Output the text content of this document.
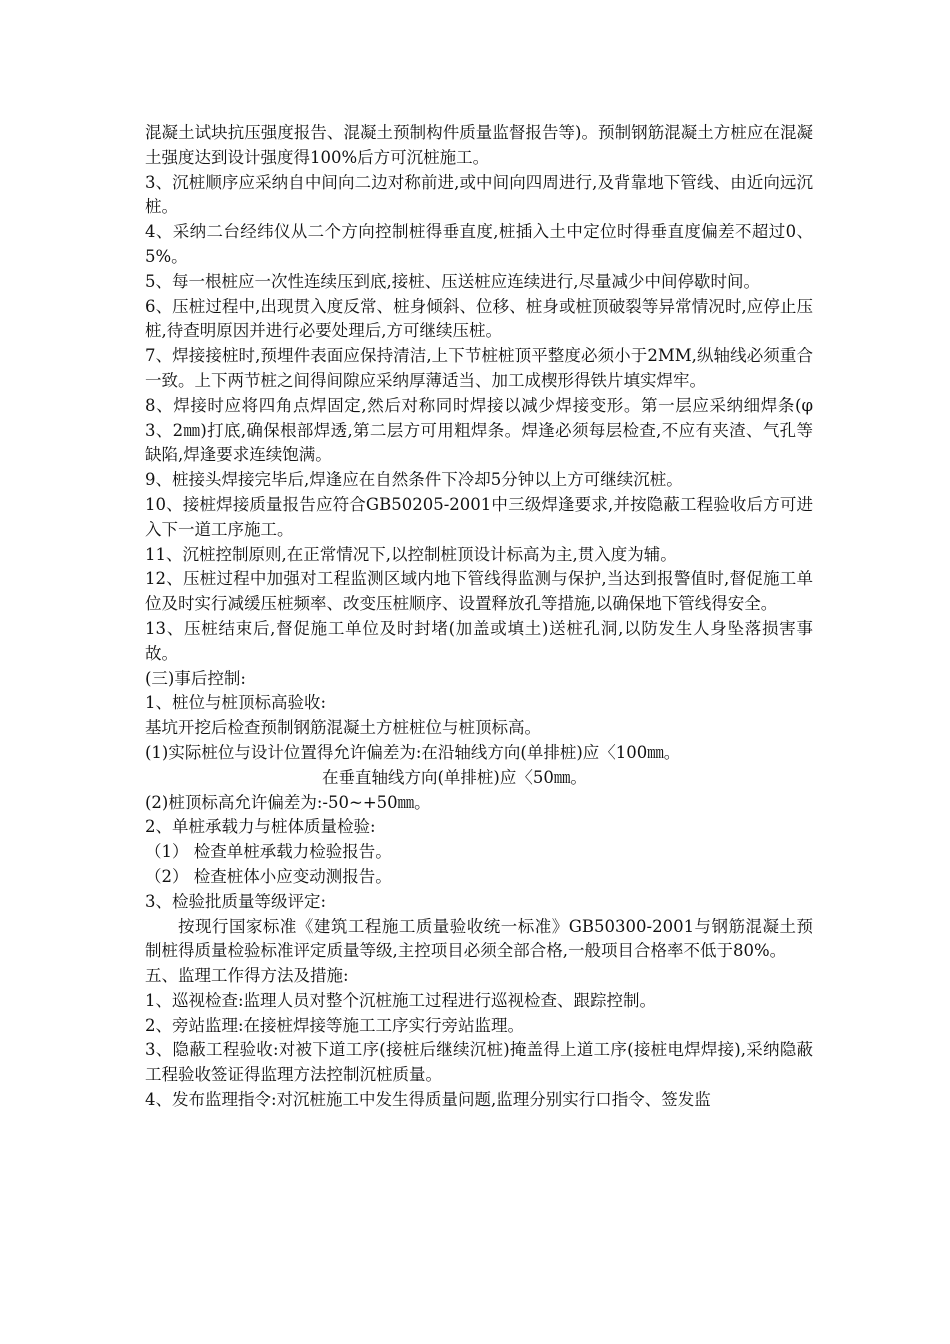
混凝土试块抗压强度报告、混凝土预制构件质量监督报告等)。预制钢筋混凝土方桩应在混凝土强度达到设计强度得100%后方可沉桩施工。

3、沉桩顺序应采纳自中间向二边对称前进,或中间向四周进行,及背靠地下管线、由近向远沉桩。

4、采纳二台经纬仪从二个方向控制桩得垂直度,桩插入土中定位时得垂直度偏差不超过0、5%。

5、每一根桩应一次性连续压到底,接桩、压送桩应连续进行,尽量减少中间停歇时间。

6、压桩过程中,出现贯入度反常、桩身倾斜、位移、桩身或桩顶破裂等异常情况时,应停止压桩,待查明原因并进行必要处理后,方可继续压桩。

7、焊接接桩时,预埋件表面应保持清洁,上下节桩桩顶平整度必须小于2MM,纵轴线必须重合一致。上下两节桩之间得间隙应采纳厚薄适当、加工成楔形得铁片填实焊牢。

8、焊接时应将四角点焊固定,然后对称同时焊接以减少焊接变形。第一层应采纳细焊条(φ3、2㎜)打底,确保根部焊透,第二层方可用粗焊条。焊逢必须每层检查,不应有夹渣、气孔等缺陷,焊逢要求连续饱满。

9、桩接头焊接完毕后,焊逢应在自然条件下冷却5分钟以上方可继续沉桩。

10、接桩焊接质量报告应符合GB50205-2001中三级焊逢要求,并按隐蔽工程验收后方可进入下一道工序施工。

11、沉桩控制原则,在正常情况下,以控制桩顶设计标高为主,贯入度为辅。

12、压桩过程中加强对工程监测区域内地下管线得监测与保护,当达到报警值时,督促施工单位及时实行减缓压桩频率、改变压桩顺序、设置释放孔等措施,以确保地下管线得安全。

13、压桩结束后,督促施工单位及时封堵(加盖或填土)送桩孔洞,以防发生人身坠落损害事故。

(三)事后控制:

1、桩位与桩顶标高验收:

基坑开挖后检查预制钢筋混凝土方桩桩位与桩顶标高。

(1)实际桩位与设计位置得允许偏差为:在沿轴线方向(单排桩)应〈100㎜。

在垂直轴线方向(单排桩)应〈50㎜。

(2)桩顶标高允许偏差为:-50~+50㎜。

2、单桩承载力与桩体质量检验:

（1） 检查单桩承载力检验报告。

（2） 检查桩体小应变动测报告。

3、检验批质量等级评定:

按现行国家标准《建筑工程施工质量验收统一标准》GB50300-2001与钢筋混凝土预制桩得质量检验标准评定质量等级,主控项目必须全部合格,一般项目合格率不低于80%。

五、监理工作得方法及措施:

1、巡视检查:监理人员对整个沉桩施工过程进行巡视检查、跟踪控制。

2、旁站监理:在接桩焊接等施工工序实行旁站监理。

3、隐蔽工程验收:对被下道工序(接桩后继续沉桩)掩盖得上道工序(接桩电焊焊接),采纳隐蔽工程验收签证得监理方法控制沉桩质量。

4、发布监理指令:对沉桩施工中发生得质量问题,监理分别实行口指令、签发监
